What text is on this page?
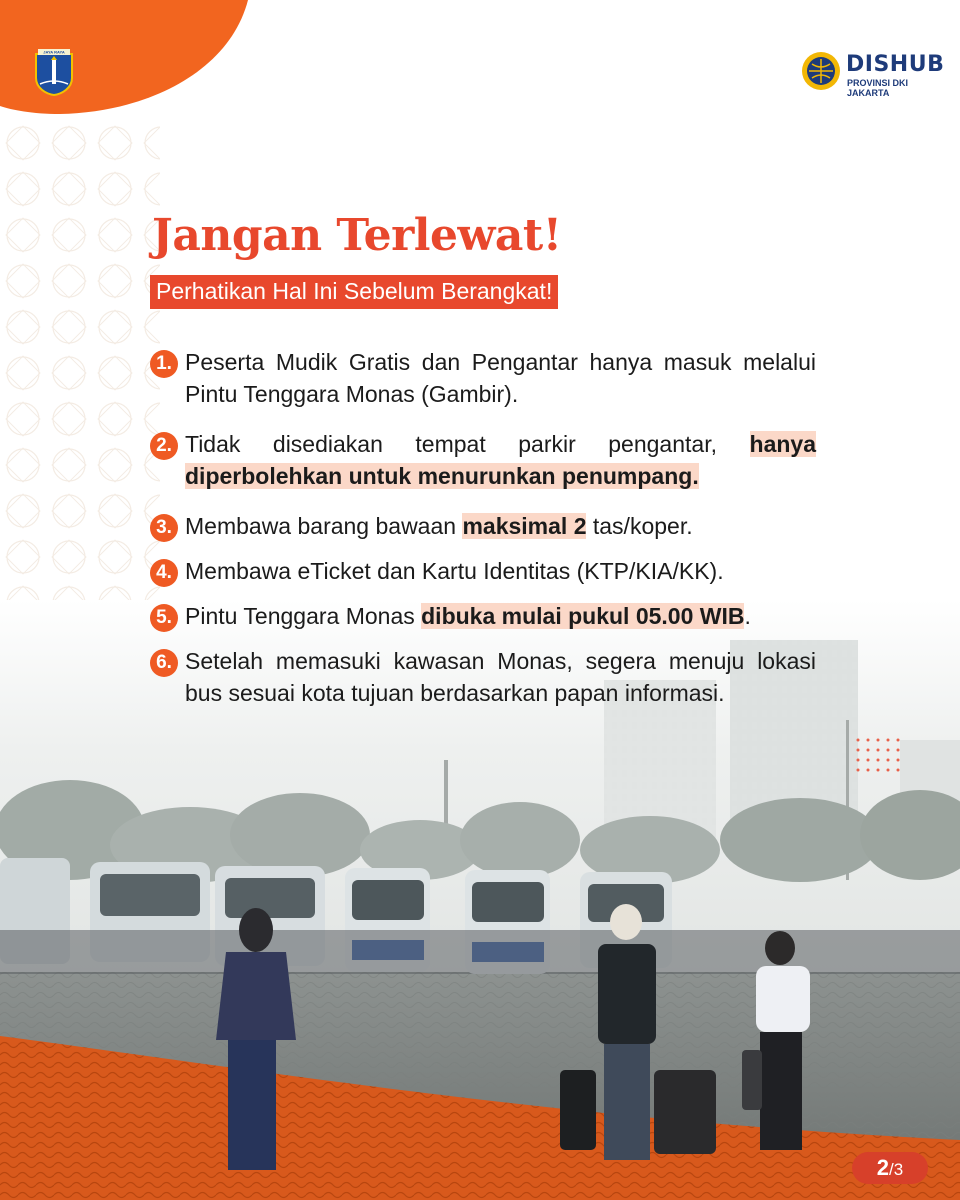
JAYA RAYA	DISHUB
PROVINSI DKI JAKARTA
Jangan Terlewat!
Perhatikan Hal Ini Sebelum Berangkat!
1. Peserta Mudik Gratis dan Pengantar hanya masuk melalui Pintu Tenggara Monas (Gambir).
2. Tidak disediakan tempat parkir pengantar, hanya diperbolehkan untuk menurunkan penumpang.
3. Membawa barang bawaan maksimal 2 tas/koper.
4. Membawa eTicket dan Kartu Identitas (KTP/KIA/KK).
5. Pintu Tenggara Monas dibuka mulai pukul 05.00 WIB.
6. Setelah memasuki kawasan Monas, segera menuju lokasi bus sesuai kota tujuan berdasarkan papan informasi.
2/3
